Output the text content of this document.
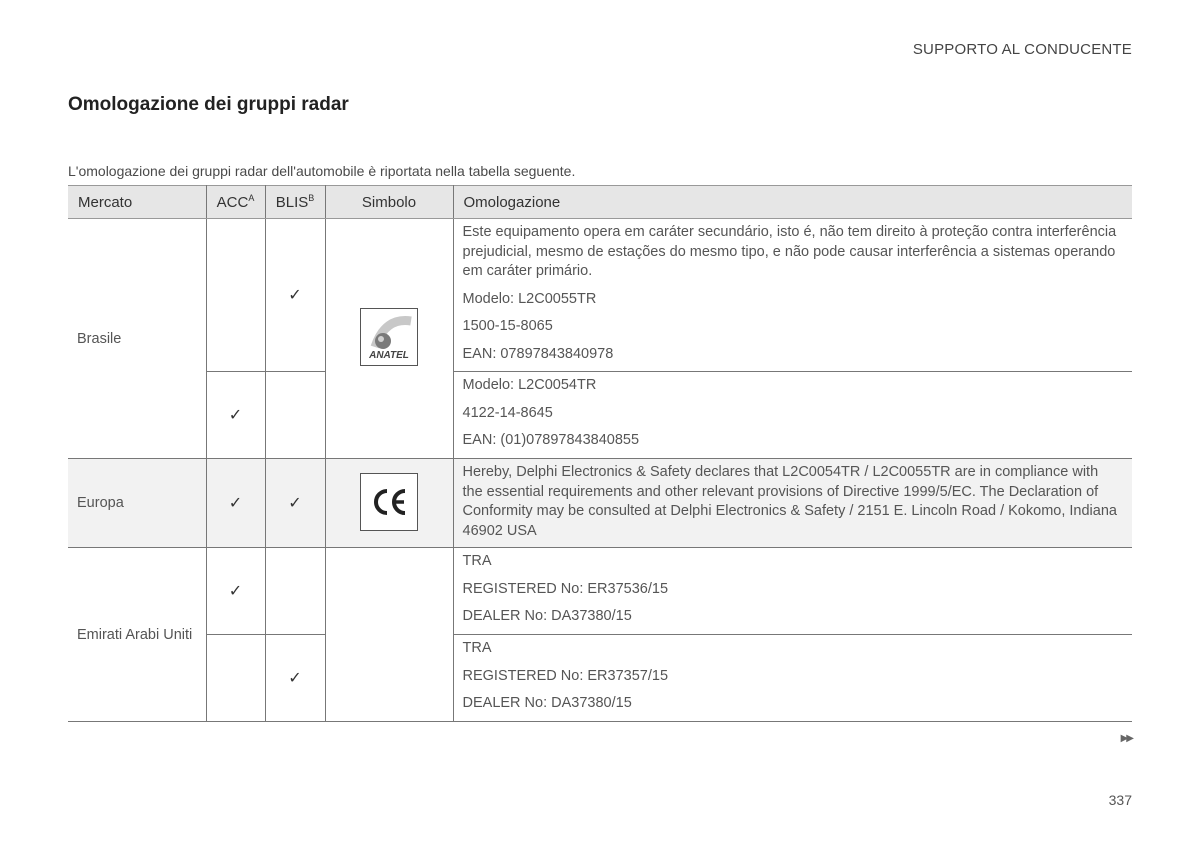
SUPPORTO AL CONDUCENTE
Omologazione dei gruppi radar
L'omologazione dei gruppi radar dell'automobile è riportata nella tabella seguente.
Mercato	$ACC^A$	$BLIS^B$	Simbolo	Omologazione
Brasile		✓	ANATEL	Este equipamento opera em caráter secundário, isto é, não tem direito à proteção contra interferência prejudicial, mesmo de estações do mesmo tipo, e não pode causar interferência a sistemas operando em caráter primário.
Modelo: L2C0055TR
1500-15-8065
EAN: 07897843840978

	✓			Modelo: L2C0054TR
4122-14-8645
EAN: (01)07897843840855

Europa	✓	✓		Hereby, Delphi Electronics & Safety declares that L2C0054TR / L2C0055TR are in compliance with the essential requirements and other relevant provisions of Directive 1999/5/EC. The Declaration of Conformity may be consulted at Delphi Electronics & Safety / 2151 E. Lincoln Road / Kokomo, Indiana 46902 USA
Emirati Arabi Uniti	✓			TRA
REGISTERED No: ER37536/15
DEALER No: DA37380/15

		✓		TRA
REGISTERED No: ER37357/15
DEALER No: DA37380/15
▶▶
337
